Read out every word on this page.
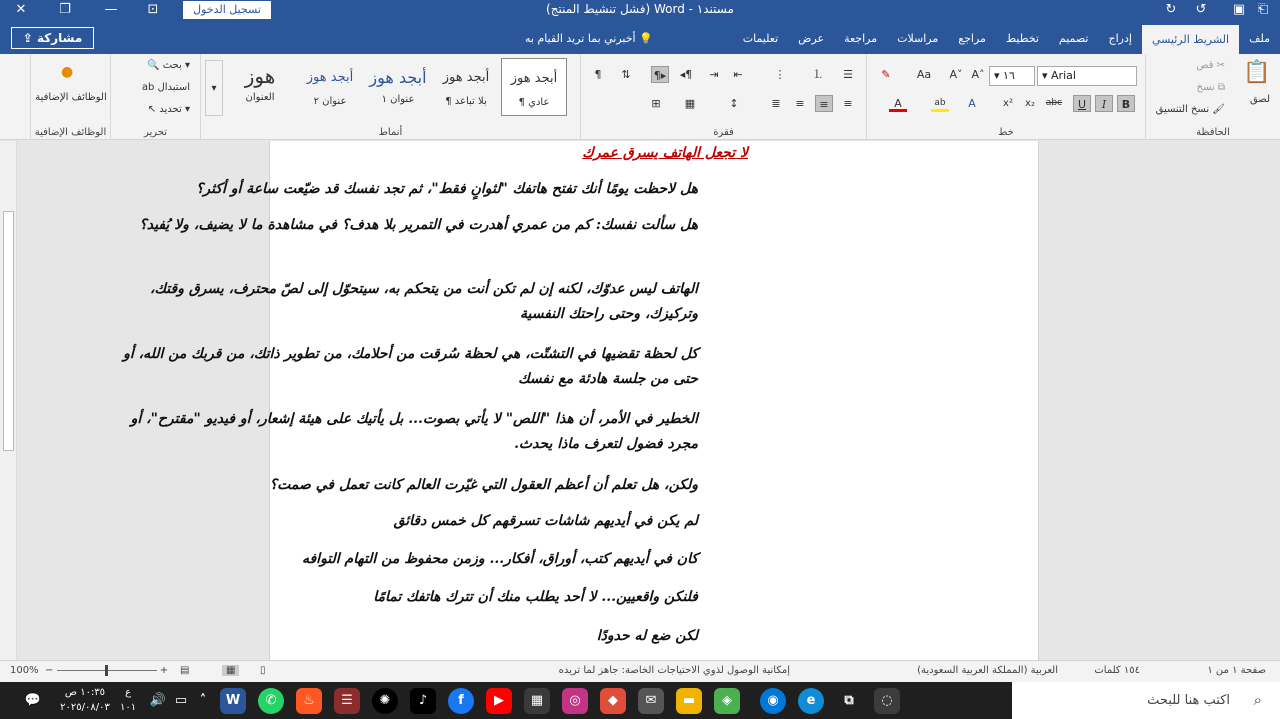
✕	❐	—	⊡	تسجيل الدخول	مستند١ - Word (فشل تنشيط المنتج)	↻	↺	▣ ⎗
⇪ مشاركة	💡 أخبرني بما تريد القيام به	ملف
الشريط الرئيسي
إدراج
تصميم
تخطيط
مراجع
مراسلات
مراجعة
عرض
تعليمات
📋
لصق
قص ✂
نسخ ⧉
نسخ التنسيق 🖌
الحافظة
▾ Arial
▾ ١٦
A˄
A˅
Aa
✎
B
I
U
abc
x₂
x²
A
ab
A
خط
☰
⒈
⋮
⇤
⇥
◂¶
¶▸
⇅
¶
≡
≡
≡
≣
↕
▦
⊞
فقرة
أبجد هوز
¶ عادي
أبجد هوز
¶ بلا تباعد
أبجد هوز
عنوان ١
أبجد هوز
عنوان ٢
هوز
العنوان
▾
أنماط
🔍 بحث ▾
ab استبدال
↖ تحديد ▾
تحرير
●
الوظائف الإضافية
الوظائف الإضافية
لا تجعل الهاتف يسرق عمرك
هل لاحظت يومًا أنك تفتح هاتفك "لثوانٍ فقط"، ثم تجد نفسك قد ضيّعت ساعة أو أكثر؟
هل سألت نفسك: كم من عمري أهدرت في التمرير بلا هدف؟ في مشاهدة ما لا يضيف، ولا يُفيد؟
الهاتف ليس عدوّك، لكنه إن لم تكن أنت من يتحكم به، سيتحوّل إلى لصّ محترف، يسرق وقتك، وتركيزك، وحتى راحتك النفسية
كل لحظة تقضيها في التشتّت، هي لحظة سُرقت من أحلامك، من تطوير ذاتك، من قربك من الله، أو حتى من جلسة هادئة مع نفسك
الخطير في الأمر، أن هذا "اللص" لا يأتي بصوت... بل يأتيك على هيئة إشعار، أو فيديو "مقترح"، أو مجرد فضول لتعرف ماذا يحدث.
ولكن، هل تعلم أن أعظم العقول التي غيّرت العالم كانت تعمل في صمت؟
لم يكن في أيديهم شاشات تسرقهم كل خمس دقائق
كان في أيديهم كتب، أوراق، أفكار... وزمن محفوظ من التهام التوافه
فلنكن واقعيين... لا أحد يطلب منك أن تترك هاتفك تمامًا
لكن ضع له حدودًا
صفحة ١ من ١
١٥٤ كلمات
العربية (المملكة العربية السعودية)
إمكانية الوصول لذوي الاحتياجات الخاصة: جاهز لما تريده
▤	▦	▯
−	+
100%
💬
١٠:٣٥ ص
٢٠٢٥/٠٨/٠٣
ع
١٠١	🔊 ▭ ˄	W	✆	♨	☰	✺	♪	f	▶	▦	◎	◆	✉	▬	◈	◉	e	⧉	◌	⌕
اكتب هنا للبحث
